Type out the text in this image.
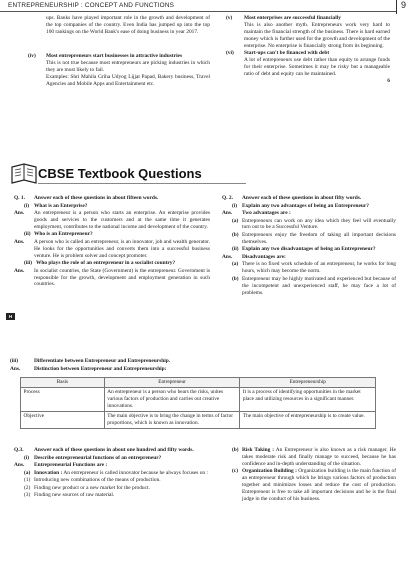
ENTREPRENEURSHIP : CONCEPT AND FUNCTIONS	9
ups. Banks have played important role in the growth and development of the top companies of the country. Even India has jumped up into the top 100 rankings on the World Bank's ease of doing business in year 2017.
(iv) Most entrepreneurs start businesses in attractive industries
This is not true because most entrepreneurs are picking industries in which they are most likely to fail.
Examples: Shri Mahila Griha Udyog Lijjat Papad, Bakery business, Travel Agencies and Mobile Apps and Entertainment etc.
(v) Most enterprises are successful financially
This is also another myth. Entrepreneurs work very hard to maintain the financial strength of the business. There is hard earned money which is further used for the growth and development of the enterprise. No enterprise is financially strong from its beginning.
(vi) Start-ups can't be financed with debt
A lot of entrepreneurs use debt rather than equity to arrange funds for their enterprise. Sometimes it may be risky but a manageable ratio of debt and equity can be maintained.
6
CBSE Textbook Questions
Q. 1. Answer each of these questions in about fifteen words.
(i) What is an Enterprise?
Ans. An entrepreneur is a person who starts an enterprise. An enterprise provides goods and services to the customers and at the same time it generates employment, contributes to the national income and development of the country.
(ii) Who is an Entrepreneur?
Ans. A person who is called an entrepreneur, is an innovator, job and wealth generator. He looks for the opportunities and converts them into a successful business venture. He is problem solver and concept promoter.
(iii) Who plays the role of an entrepreneur in a socialist country?
Ans. In socialist countries, the State (Government) is the entrepreneur. Government is responsible for the growth, development and employment generation in such countries.
H
Q. 2. Answer each of these questions in about fifty words.
(i) Explain any two advantages of being an Entrepreneur?
Ans. Two advantages are :
(a) Entrepreneurs can work on any idea which they feel will eventually turn out to be a Successful Venture.
(b) Entrepreneurs enjoy the freedom of taking all important decisions themselves.
(ii) Explain any two disadvantages of being an Entrepreneur?
Ans. Disadvantages are:
(a) There is no fixed work schedule of an entrepreneur, he works for long hours, which may become the norm.
(b) Entrepreneur may be highly motivated and experienced but because of the incompetent and unexperienced staff, he may face a lot of problems.
(iii)	Differentiate between Entrepreneur and Entrepreneurship.
Ans.	Distinction between Entrepreneur and Entrepreneurship:
Basis	Entrepreneur	Entrepreneurship
Process	An entrepreneur is a person who bears the risks, unites various factors of production and carries out creative innovations.	It is a process of identifying opportunities in the market place and utilizing resources in a significant manner.
Objective	The main objective is to bring the change in terms of factor proportions, which is known as innovation.	The main objective of entrepreneurship is to create value.
Q.3. Answer each of these questions in about one hundred and fifty words.
(i) Describe entrepreneurial functions of an entrepreneur?
Ans. Entrepreneurial Functions are :
(a) Innovation : An entrepreneur is called innovator because he always focuses on :
(1) Introducing new combinations of the means of production.
(2) Finding new product or a new market for the product.
(3) Finding new sources of raw material.
(b) Risk Taking : An Entrepreneur is also known as a risk manager. He takes moderate risk and finally manage to succeed, because he has confidence and in-depth understanding of the situation.
(c) Organization Building : Organization building is the main function of an entrepreneur through which he brings various factors of production together and minimizes losses and reduce the cost of production. Entrepreneur is free to take all important decisions and he is the final judge in the conduct of his business.
